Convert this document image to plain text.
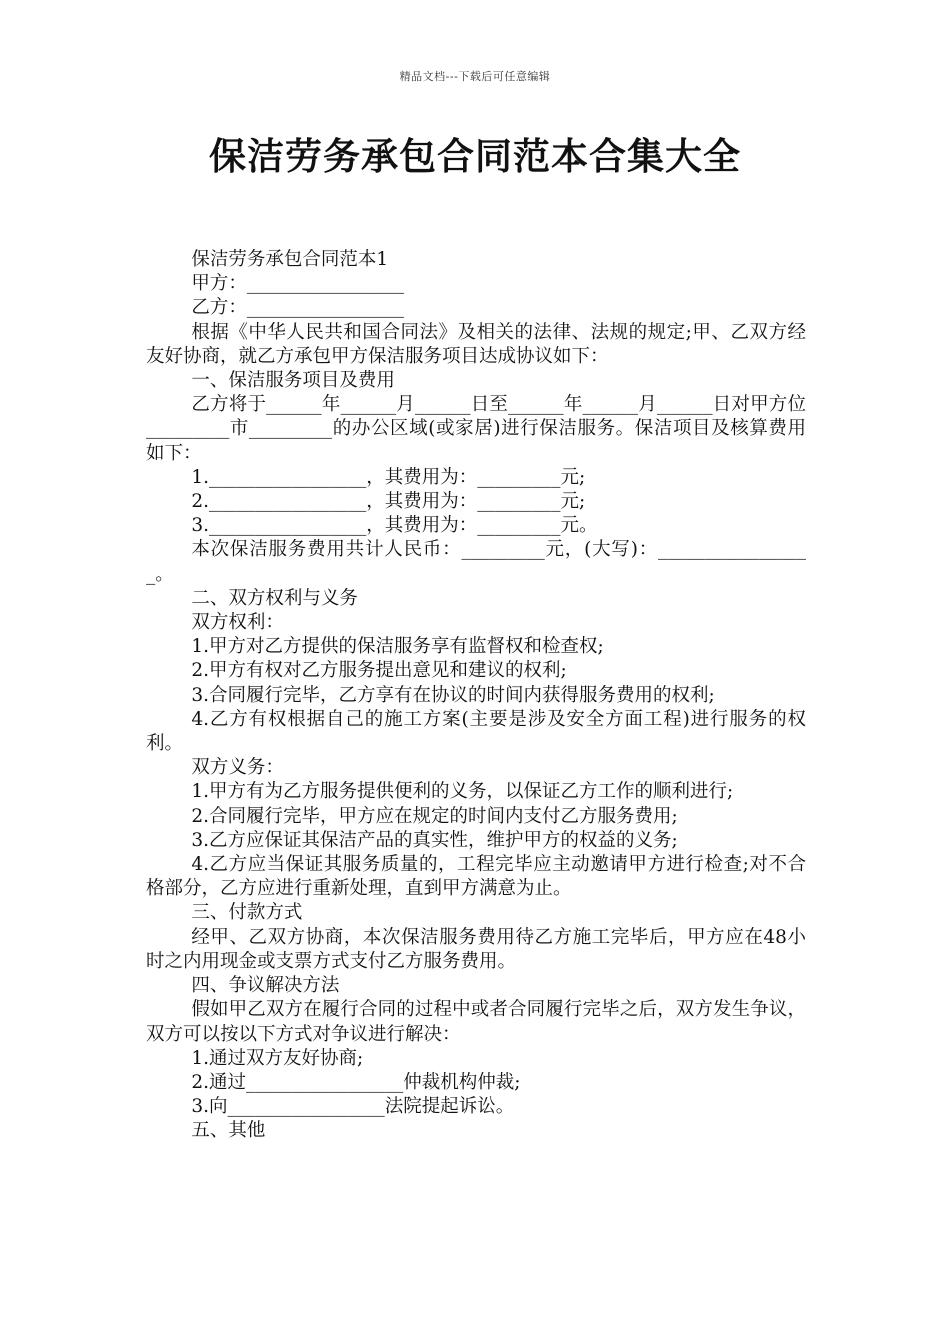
精品文档---下载后可任意编辑
保洁劳务承包合同范本合集大全

保洁劳务承包合同范本1

甲方：_________________

乙方：_________________

根据《中华人民共和国合同法》及相关的法律、法规的规定;甲、乙双方经友好协商，就乙方承包甲方保洁服务项目达成协议如下：

一、保洁服务项目及费用

乙方将于______年______月______日至______年______月______日对甲方位_________市_________的办公区域(或家居)进行保洁服务。保洁项目及核算费用如下：

1._________________，其费用为：_________元;

2._________________，其费用为：_________元;

3._________________，其费用为：_________元。

本次保洁服务费用共计人民币：_________元，(大写)：_________________。

二、双方权利与义务

双方权利：

1.甲方对乙方提供的保洁服务享有监督权和检查权;

2.甲方有权对乙方服务提出意见和建议的权利;

3.合同履行完毕，乙方享有在协议的时间内获得服务费用的权利;

4.乙方有权根据自己的施工方案(主要是涉及安全方面工程)进行服务的权利。

双方义务：

1.甲方有为乙方服务提供便利的义务，以保证乙方工作的顺利进行;

2.合同履行完毕，甲方应在规定的时间内支付乙方服务费用;

3.乙方应保证其保洁产品的真实性，维护甲方的权益的义务;

4.乙方应当保证其服务质量的，工程完毕应主动邀请甲方进行检查;对不合格部分，乙方应进行重新处理，直到甲方满意为止。

三、付款方式

经甲、乙双方协商，本次保洁服务费用待乙方施工完毕后，甲方应在48小时之内用现金或支票方式支付乙方服务费用。

四、争议解决方法

假如甲乙双方在履行合同的过程中或者合同履行完毕之后，双方发生争议，双方可以按以下方式对争议进行解决：

1.通过双方友好协商;

2.通过_________________仲裁机构仲裁;

3.向_________________法院提起诉讼。

五、其他
